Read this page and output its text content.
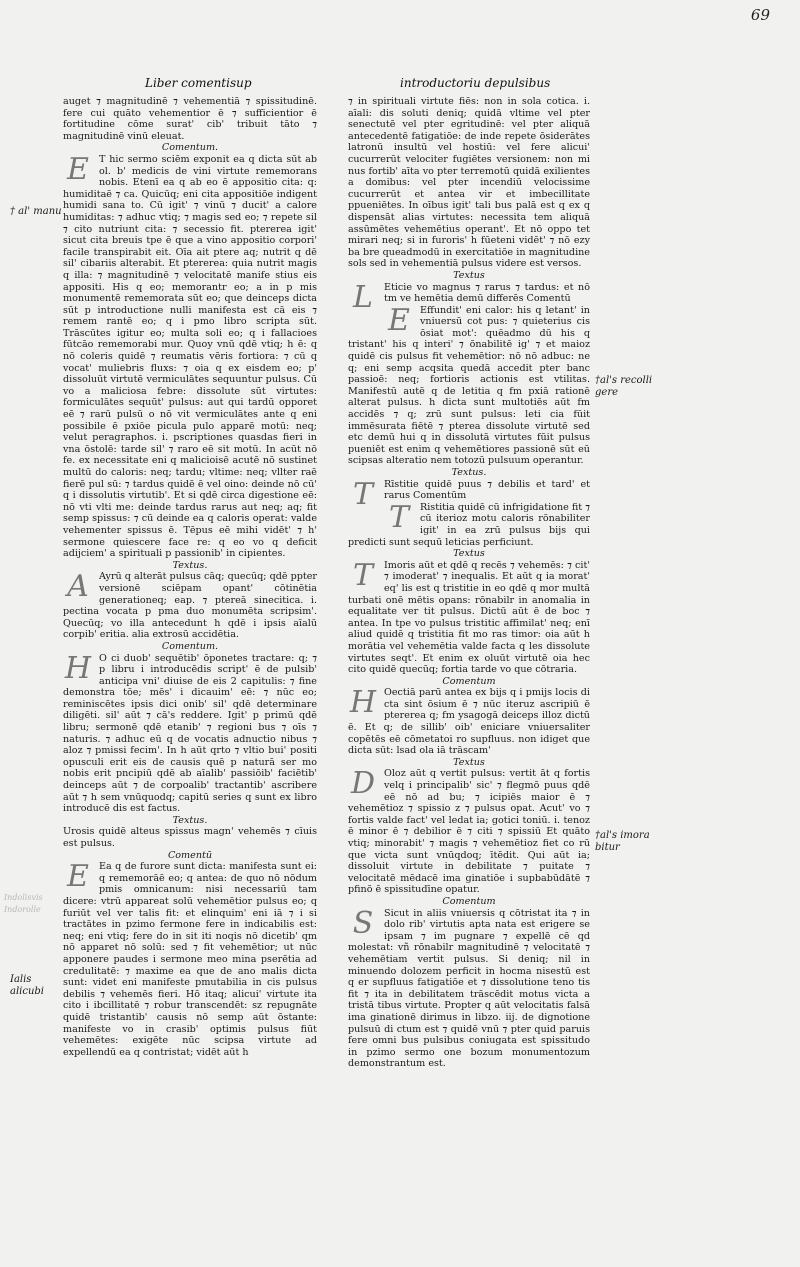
69
Liber comentisup	introductoriu depulsibus
† al' manu
Ialis alicubi
†al's recolli gere
†al's imora bitur
Indolisvis
Indorolle

auget ⁊ magnitudinē ⁊ vehementiā ⁊ spissitudinē. fere cui quāto vehementior ē ⁊ sufficientior ē fortitudine cōme surat' cib' tribuit tāto ⁊ magnitudinē vinū eleuat.

Comentum.

E	T hic sermo sciēm exponit ea q dicta sūt ab ol. b' medicis de vini virtute rememorans nobis. Etenī ea q ab eo ē appositio cita: q: humiditaē ⁊ ca. Quicūq; eni cita appositiōe indigent humidi sana to. Cū igit' ⁊ vinū ⁊ ducit' a calore humiditas: ⁊ adhuc vtiq; ⁊ magis sed eo; ⁊ repete sil ⁊ cito nutriunt cita: ⁊ secessio fit. ptererea igit' sicut cita breuis tpe ē que a vino appositio corpori' facile transpirabit eit. Oīa ait ptere aq; nutrit q dē sil' cibariis alterabit. Et ptererea: quia nutrit magis q illa: ⁊ magnitudinē ⁊ velocitatē manife stius eis appositi. His q eo; memorantr eo; a in p mis monumentē rememorata sūt eo; que deinceps dicta sūt p introductione nulli manifesta est cā eis ⁊ remem rantē eo; q i pmo libro scripta sūt. Trāscūtes igitur eo; multa soli eo; q i fallacioes fūtcāo rememorabi mur. Quoy vnū qdē vtiq; h ē: q nō coleris quidē ⁊ reumatis vēris fortiora: ⁊ cū q vocat' muliebris fluxs: ⁊ oia q ex eisdem eo; p' dissoluūt virtutē vermiculātes sequuntur pulsus. Cū vo a maliciosa febre: dissolute sūt virtutes: formiculātes sequūt' pulsus: aut qui tardū opporet eē ⁊ rarū pulsū o nō vit vermiculātes ante q eni possibile ē pxiōe picula pulo apparē motū: neq; velut peragraphos. i. pscriptiones quasdas fieri in vna ōstolē: tarde sil' ⁊ raro eē sit motū. In acūt nō fe. ex necessitate eni q malicioisē acutē nō sustinet multū do caloris: neq; tardu; vltime: neq; vllter raē fierē pul sū: ⁊ tardus quidē ē vel oino: deinde nō cū' q i dissolutis virtutib'. Et si qdē circa digestione eē: nō vti vlti me: deinde tardus rarus aut neq; aq; fit semp spissus: ⁊ cū deinde ea q caloris operat: valde vehementer spissus ē. Tēpus eē mihi vidēt' ⁊ h' sermone quiescere face re: q eo vo q deficit adijciem' a spirituali p passionib' in cipientes.

Textus.

A	Ayrū q alterāt pulsus cāq; quecūq; qdē ppter versionē sciēpam opant' cōtinētia generationeq; eap. ⁊ ptereā sinecitica. i. pectina vocata p pma duo monumēta scripsim'. Quecūq; vo illa antecedunt h qdē i ipsis aīalū corpib' eritia. alia extrosū accidētia.

Comentum.

H O ci duob' sequētib' ōponetes tractare: q; ⁊ p libru i introducēdis script' ē de pulsib' anticipa vni' diuise de eis 2 capitulis: ⁊ fine demonstra tōe; mēs' i dicauim' eē: ⁊ nūc eo; reminiscētes ipsis dici onib' sil' qdē determinare diligēti. sil' aūt ⁊ cā's reddere. Igit' p primū qdē libru; sermonē qdē etanib' ⁊ regioni bus ⁊ oīs ⁊ naturis. ⁊ adhuc eū q de vocatis adnuctio nibus ⁊ aloz ⁊ pmissi fecim'. In h aūt qrto ⁊ vltio bui' positi opusculi erit eis de causis quē p naturā ser mo nobis erit pncipiū qdē ab aīalib' passiōib' faciētib' deinceps aūt ⁊ de corpoalib' tractantib' ascribere aūt ⁊ h sem vnūquodq; capitū series q sunt ex libro introducē dis est factus.

Textus.

Urosis quidē alteus spissus magn' vehemēs ⁊ cīuis est pulsus.

Comentū

E	Ea q de furore sunt dicta: manifesta sunt ei: q rememorāē eo; q antea: de quo nō nōdum pmis omnicanum: nisi necessariū tam dicere: vtrū appareat solū vehemētior pulsus eo; q furiūt vel ver talis fit: et elinquim' eni iā ⁊ i si tractātes in pzimo fermone fere in indicabilis est: neq; eni vtiq; fere do in sit iti noqis nō dicetib' qm nō apparet nō solū: sed ⁊ fit vehemētior; ut nūc apponere paudes i sermone meo mina pserētia ad credulitatē: ⁊ maxime ea que de ano malis dicta sunt: videt eni manifeste pmutabilia in cis pulsus debilis ⁊ vehemēs fieri. Hō itaq; alicui' virtute ita cito i ibcillitatē ⁊ robur transcendēt: sz repugnāte quidē tristantib' causis nō semp aūt ōstante: manifeste vo in crasib' optimis pulsus fiūt vehemētes: exigēte nūc scipsa virtute ad expellendū ea q contristat; vidēt aūt h

⁊ in spirituali virtute fiēs: non in sola cotica. i. aīali: dis soluti deniq; quidā vltime vel pter senectutē vel pter egritudinē: vel pter aliquā antecedentē fatigatiōe: de inde repete ōsiderātes latronū insultū vel hostiū: vel fere alicui' cucurrerūt velociter fugiētes versionem: non mi nus fortib' aīta vo pter terremotū quidā exilientes a domibus: vel pter incendiū velocissime cucurrerūt et antea vir et imbecillitate ppueniētes. In oībus igit' tali bus palā est q ex q dispensāt alias virtutes: necessita tem aliquā assūmētes vehemētius operant'. Et nō oppo tet mirari neq; si in furoris' h fūeteni vidēt' ⁊ nō ezy ba bre queadmodū in exercitatiōe in magnitudine sols sed in vehementiā pulsus videre est versos.

Textus

L	Eticie vo magnus ⁊ rarus ⁊ tardus: et nō tm ve hemētia demū differēs Comentū

E	Effundit' eni calor: his q letant' in vniuersū cot pus: ⁊ quieterius cis ōsiat mot': quēadmo dū his q tristant' his q interi' ⁊ ōnabilitē ig' ⁊ et maioz quidē cis pulsus fit vehemētior: nō nō adbuc: ne q; eni semp acqsita quedā accedit pter banc passioē: neq; fortioris actionis est vtilitas. Manifestū autē q de letitia q fm pxiā rationē alterat pulsus. h dicta sunt multotiēs aūt fm accidēs ⁊ q; zrū sunt pulsus: leti cia fūit immēsurata fiētē ⁊ pterea dissolute virtutē sed etc demū hui q in dissolutā virtutes fūit pulsus pueniēt est enim q vehemētiores passionē sūt eū scipsas alteratio nem totozū pulsuum operantur.

Textus.

T	Rīstitie quidē puus ⁊ debilis et tard' et rarus Comentūm

T	Ristitia quidē cū infrigidatione fit ⁊ cū iterioz motu caloris rōnabiliter igit' in ea zrū pulsus bijs qui predicti sunt sequū leticias perficiunt.

Textus

T	Imoris aūt et qdē q recēs ⁊ vehemēs: ⁊ cit' ⁊ imoderat' ⁊ inequalis. Et aūt q ia morat' eq' lis est q tristitie in eo qdē q mor multā turbati onē mētis opans: rōnabilr in anomalia in equalitate ver tit pulsus. Dictū aūt ē de boc ⁊ antea. In tpe vo pulsus tristitic affimilat' neq; enī aliud quidē q tristitia fit mo ras timor: oia aūt h morātia vel vehemētia valde facta q les dissolute virtutes seqt'. Et enim ex oluūt virtutē oia hec cito quidē quecūq; fortia tarde vo que cōtraria.

Comentum

H Oectiā parū antea ex bijs q i pmijs locis di cta sint ōsium ē ⁊ nūc iteruz ascripiū ē ptererea q; fm ysagogā deiceps illoz dictū ē. Et q; de sillib' oib' eniciare vniuersaliter copētēs eē cōmetatoi ro supfluus. non idiget que dicta sūt: lsad ola iā trāscam'

Textus

D Oloz aūt q vertit pulsus: vertit āt q fortis velq i principalib' sic' ⁊ flegmō puus qdē eē nō ad bu; ⁊ icipiēs maior ē ⁊ vehemētioz ⁊ spissio z ⁊ pulsus opat. Acut' vo ⁊ fortis valde fact' vel ledat ia; gotici toniū. i. tenoz ē minor ē ⁊ debilior ē ⁊ citi ⁊ spissiū Et quāto vtiq; minorabit' ⁊ magis ⁊ vehemētioz fiet co rū que victa sunt vnūqdoq; ītēdit. Qui aūt ia; dissoluit virtute in debilitate ⁊ puitate ⁊ velocitatē mēdacē ima ginatiōe i supbabūdātē ⁊ pfinō ē spissitudīne opatur.

Comentum

S	Sicut in aliis vniuersis q cōtristat ita ⁊ in dolo rib' virtutis apta nata est erigere se ipsam ⁊ im pugnare ⁊ expellē cē qd molestat: vñ rōnabilr magnitudinē ⁊ velocitatē ⁊ vehemētiam vertit pulsus. Si deniq; nil in minuendo dolozem perficit in hocma nisestū est q er supfluus fatigatiōe et ⁊ dissolutione teno tis fit ⁊ ita in debilitatem trāscēdit motus victa a tristā tibus virtute. Propter q aūt velocitatis falsā ima ginationē dirimus in libzo. iij. de dignotione pulsuū di ctum est ⁊ quidē vnū ⁊ pter quid paruis fere omni bus pulsibus coniugata est spissitudo in pzimo sermo one bozum monumentozum demonstrantum est.
